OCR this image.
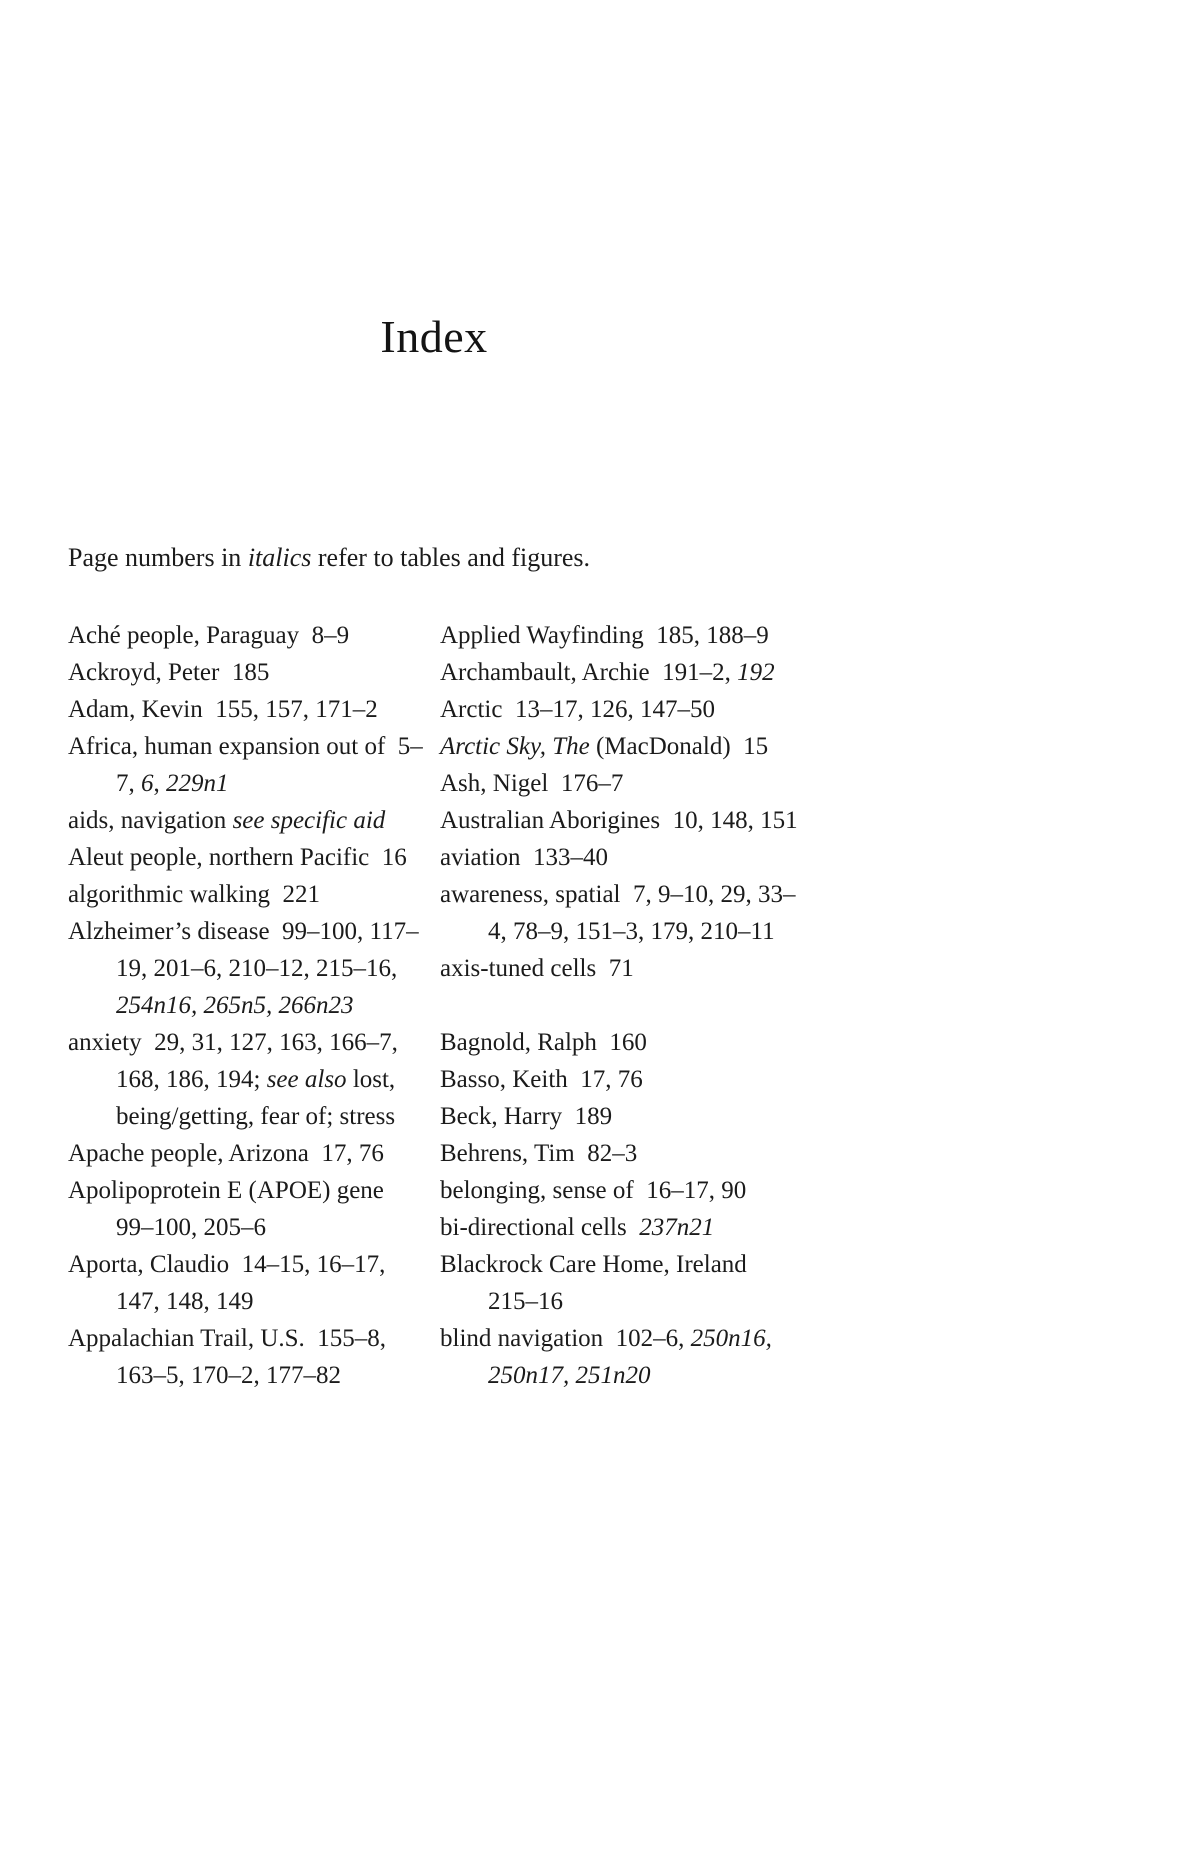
Index

Page numbers in italics refer to tables and figures.

Aché people, Paraguay 8–9

Ackroyd, Peter 185

Adam, Kevin 155, 157, 171–2

Africa, human expansion out of 5–7, 6, 229n1

aids, navigation see specific aid

Aleut people, northern Pacific 16

algorithmic walking 221

Alzheimer’s disease 99–100, 117–19, 201–6, 210–12, 215–16, 254n16, 265n5, 266n23

anxiety 29, 31, 127, 163, 166–7, 168, 186, 194; see also lost, being/getting, fear of; stress

Apache people, Arizona 17, 76

Apolipoprotein E (APOE) gene 99–100, 205–6

Aporta, Claudio 14–15, 16–17, 147, 148, 149

Appalachian Trail, U.S. 155–8, 163–5, 170–2, 177–82

Applied Wayfinding 185, 188–9

Archambault, Archie 191–2, 192

Arctic 13–17, 126, 147–50

Arctic Sky, The (MacDonald) 15

Ash, Nigel 176–7

Australian Aborigines 10, 148, 151

aviation 133–40

awareness, spatial 7, 9–10, 29, 33–4, 78–9, 151–3, 179, 210–11

axis-tuned cells 71

Bagnold, Ralph 160

Basso, Keith 17, 76

Beck, Harry 189

Behrens, Tim 82–3

belonging, sense of 16–17, 90

bi-directional cells 237n21

Blackrock Care Home, Ireland 215–16

blind navigation 102–6, 250n16, 250n17, 251n20
